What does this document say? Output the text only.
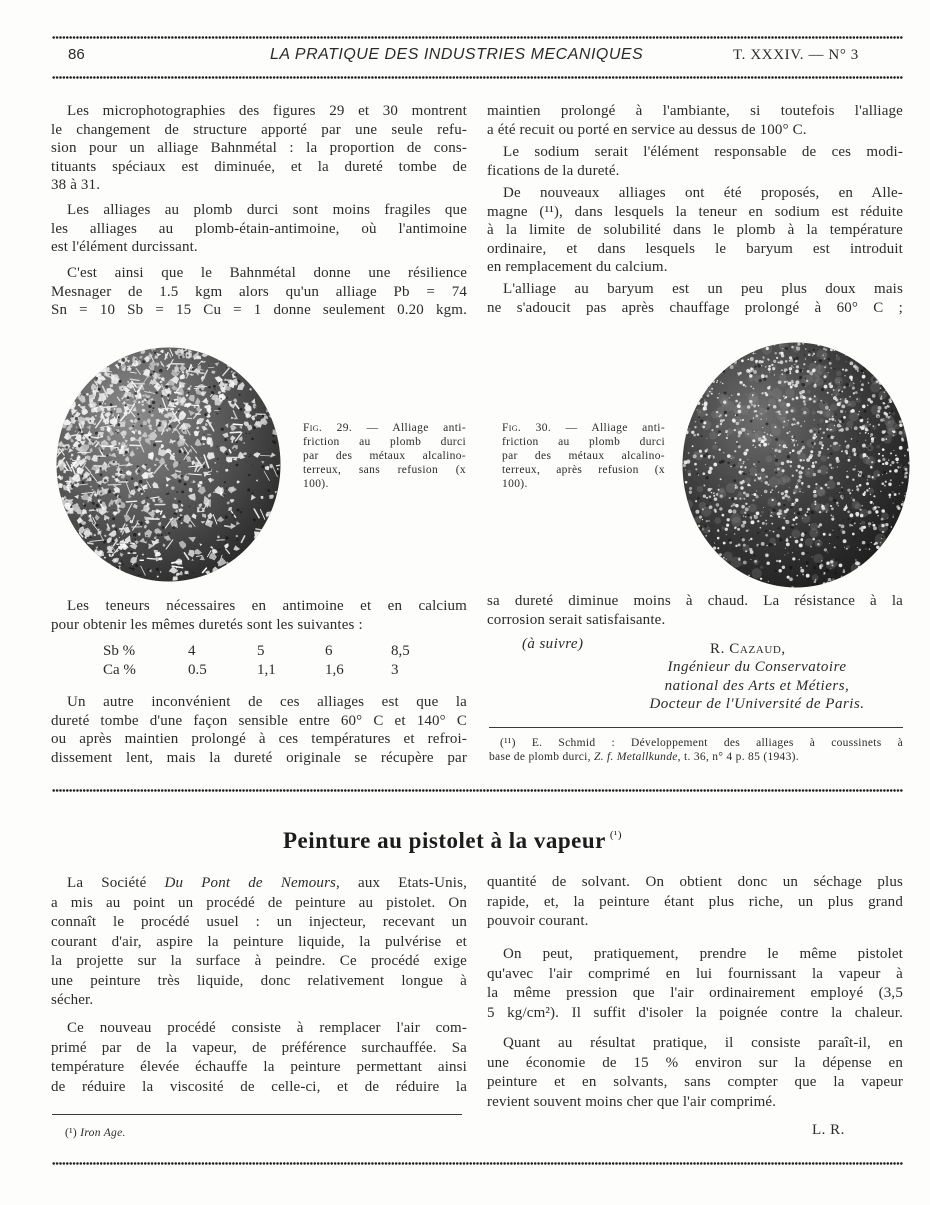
86	LA PRATIQUE DES INDUSTRIES MECANIQUES	T. XXXIV. — N° 3
Les microphotographies des figures 29 et 30 montrent
le changement de structure apporté par une seule refu-
sion pour un alliage Bahnmétal : la proportion de cons-
tituants spéciaux est diminuée, et la dureté tombe de
38 à 31.
Les alliages au plomb durci sont moins fragiles que
les alliages au plomb-étain-antimoine, où l'antimoine
est l'élément durcissant.
C'est ainsi que le Bahnmétal donne une résilience
Mesnager de 1.5 kgm alors qu'un alliage Pb = 74
Sn = 10 Sb = 15 Cu = 1 donne seulement 0.20 kgm.
maintien prolongé à l'ambiante, si toutefois l'alliage
a été recuit ou porté en service au dessus de 100° C.
Le sodium serait l'élément responsable de ces modi-
fications de la dureté.
De nouveaux alliages ont été proposés, en Alle-
magne (¹¹), dans lesquels la teneur en sodium est réduite
à la limite de solubilité dans le plomb à la température
ordinaire, et dans lesquels le baryum est introduit
en remplacement du calcium.
L'alliage au baryum est un peu plus doux mais
ne s'adoucit pas après chauffage prolongé à 60° C ;
Fig. 29. — Alliage anti-
friction au plomb durci
par des métaux alcalino-
terreux, sans refusion (x
100).
Fig. 30. — Alliage anti-
friction au plomb durci
par des métaux alcalino-
terreux, après refusion (x
100).
Les teneurs nécessaires en antimoine et en calcium
pour obtenir les mêmes duretés sont les suivantes :
Sb %	4	5	6	8,5
Ca %	0.5	1,1	1,6	3
Un autre inconvénient de ces alliages est que la
dureté tombe d'une façon sensible entre 60° C et 140° C
ou après maintien prolongé à ces températures et refroi-
dissement lent, mais la dureté originale se récupère par
sa dureté diminue moins à chaud. La résistance à la
corrosion serait satisfaisante.
(à suivre)	R. Cazaud,
Ingénieur du Conservatoire
national des Arts et Métiers,
Docteur de l'Université de Paris.
(¹¹) E. Schmid : Développement des alliages à coussinets à
base de plomb durci, Z. f. Metallkunde, t. 36, n° 4 p. 85 (1943).
Peinture au pistolet à la vapeur $^{(^1)}$
La Société Du Pont de Nemours, aux Etats-Unis,
a mis au point un procédé de peinture au pistolet. On
connaît le procédé usuel : un injecteur, recevant un
courant d'air, aspire la peinture liquide, la pulvérise et
la projette sur la surface à peindre. Ce procédé exige
une peinture très liquide, donc relativement longue à
sécher.
Ce nouveau procédé consiste à remplacer l'air com-
primé par de la vapeur, de préférence surchauffée. Sa
température élevée échauffe la peinture permettant ainsi
de réduire la viscosité de celle-ci, et de réduire la
quantité de solvant. On obtient donc un séchage plus
rapide, et, la peinture étant plus riche, un plus grand
pouvoir courant.
On peut, pratiquement, prendre le même pistolet
qu'avec l'air comprimé en lui fournissant la vapeur à
la même pression que l'air ordinairement employé (3,5
5 kg/cm²). Il suffit d'isoler la poignée contre la chaleur.
Quant au résultat pratique, il consiste paraît-il, en
une économie de 15 % environ sur la dépense en
peinture et en solvants, sans compter que la vapeur
revient souvent moins cher que l'air comprimé.
L. R.
(¹) Iron Age.
